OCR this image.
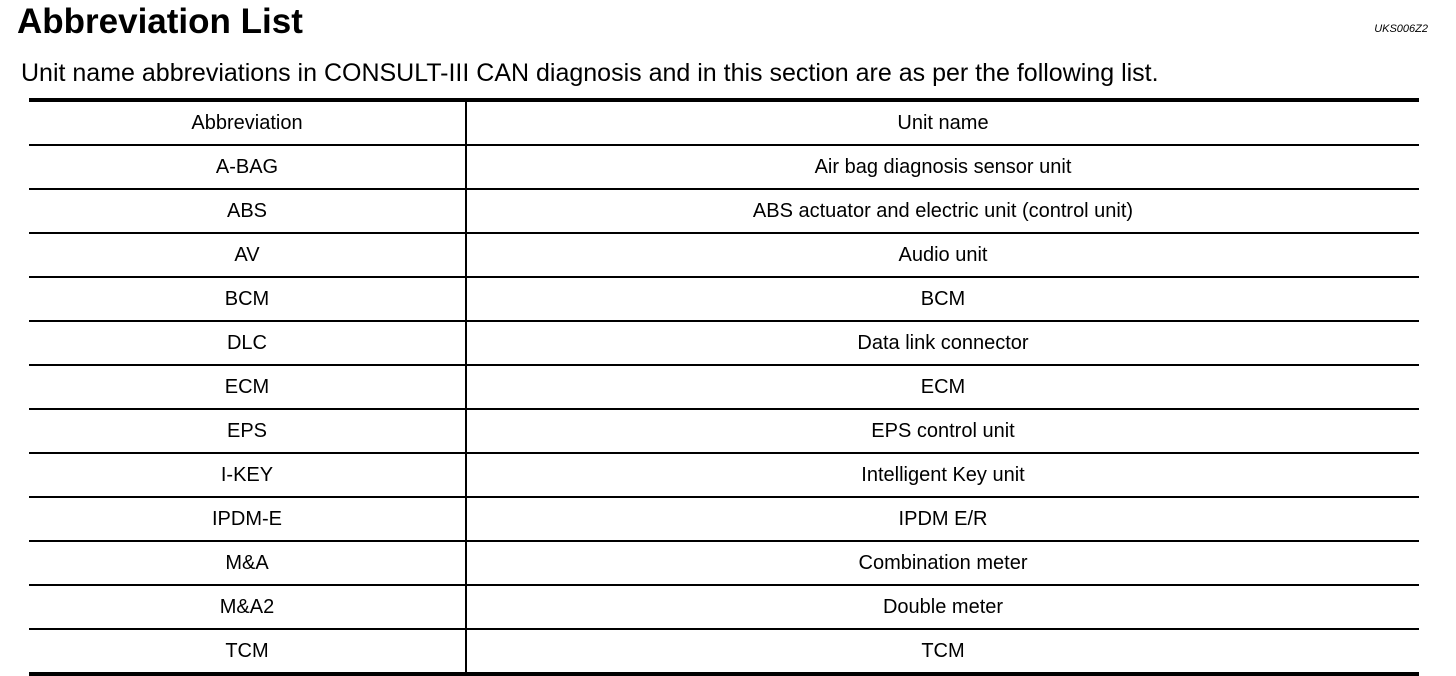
Abbreviation List	UKS006Z2
Unit name abbreviations in CONSULT-III CAN diagnosis and in this section are as per the following list.
Abbreviation	Unit name
A-BAG	Air bag diagnosis sensor unit
ABS	ABS actuator and electric unit (control unit)
AV	Audio unit
BCM	BCM
DLC	Data link connector
ECM	ECM
EPS	EPS control unit
I-KEY	Intelligent Key unit
IPDM-E	IPDM E/R
M&A	Combination meter
M&A2	Double meter
TCM	TCM
